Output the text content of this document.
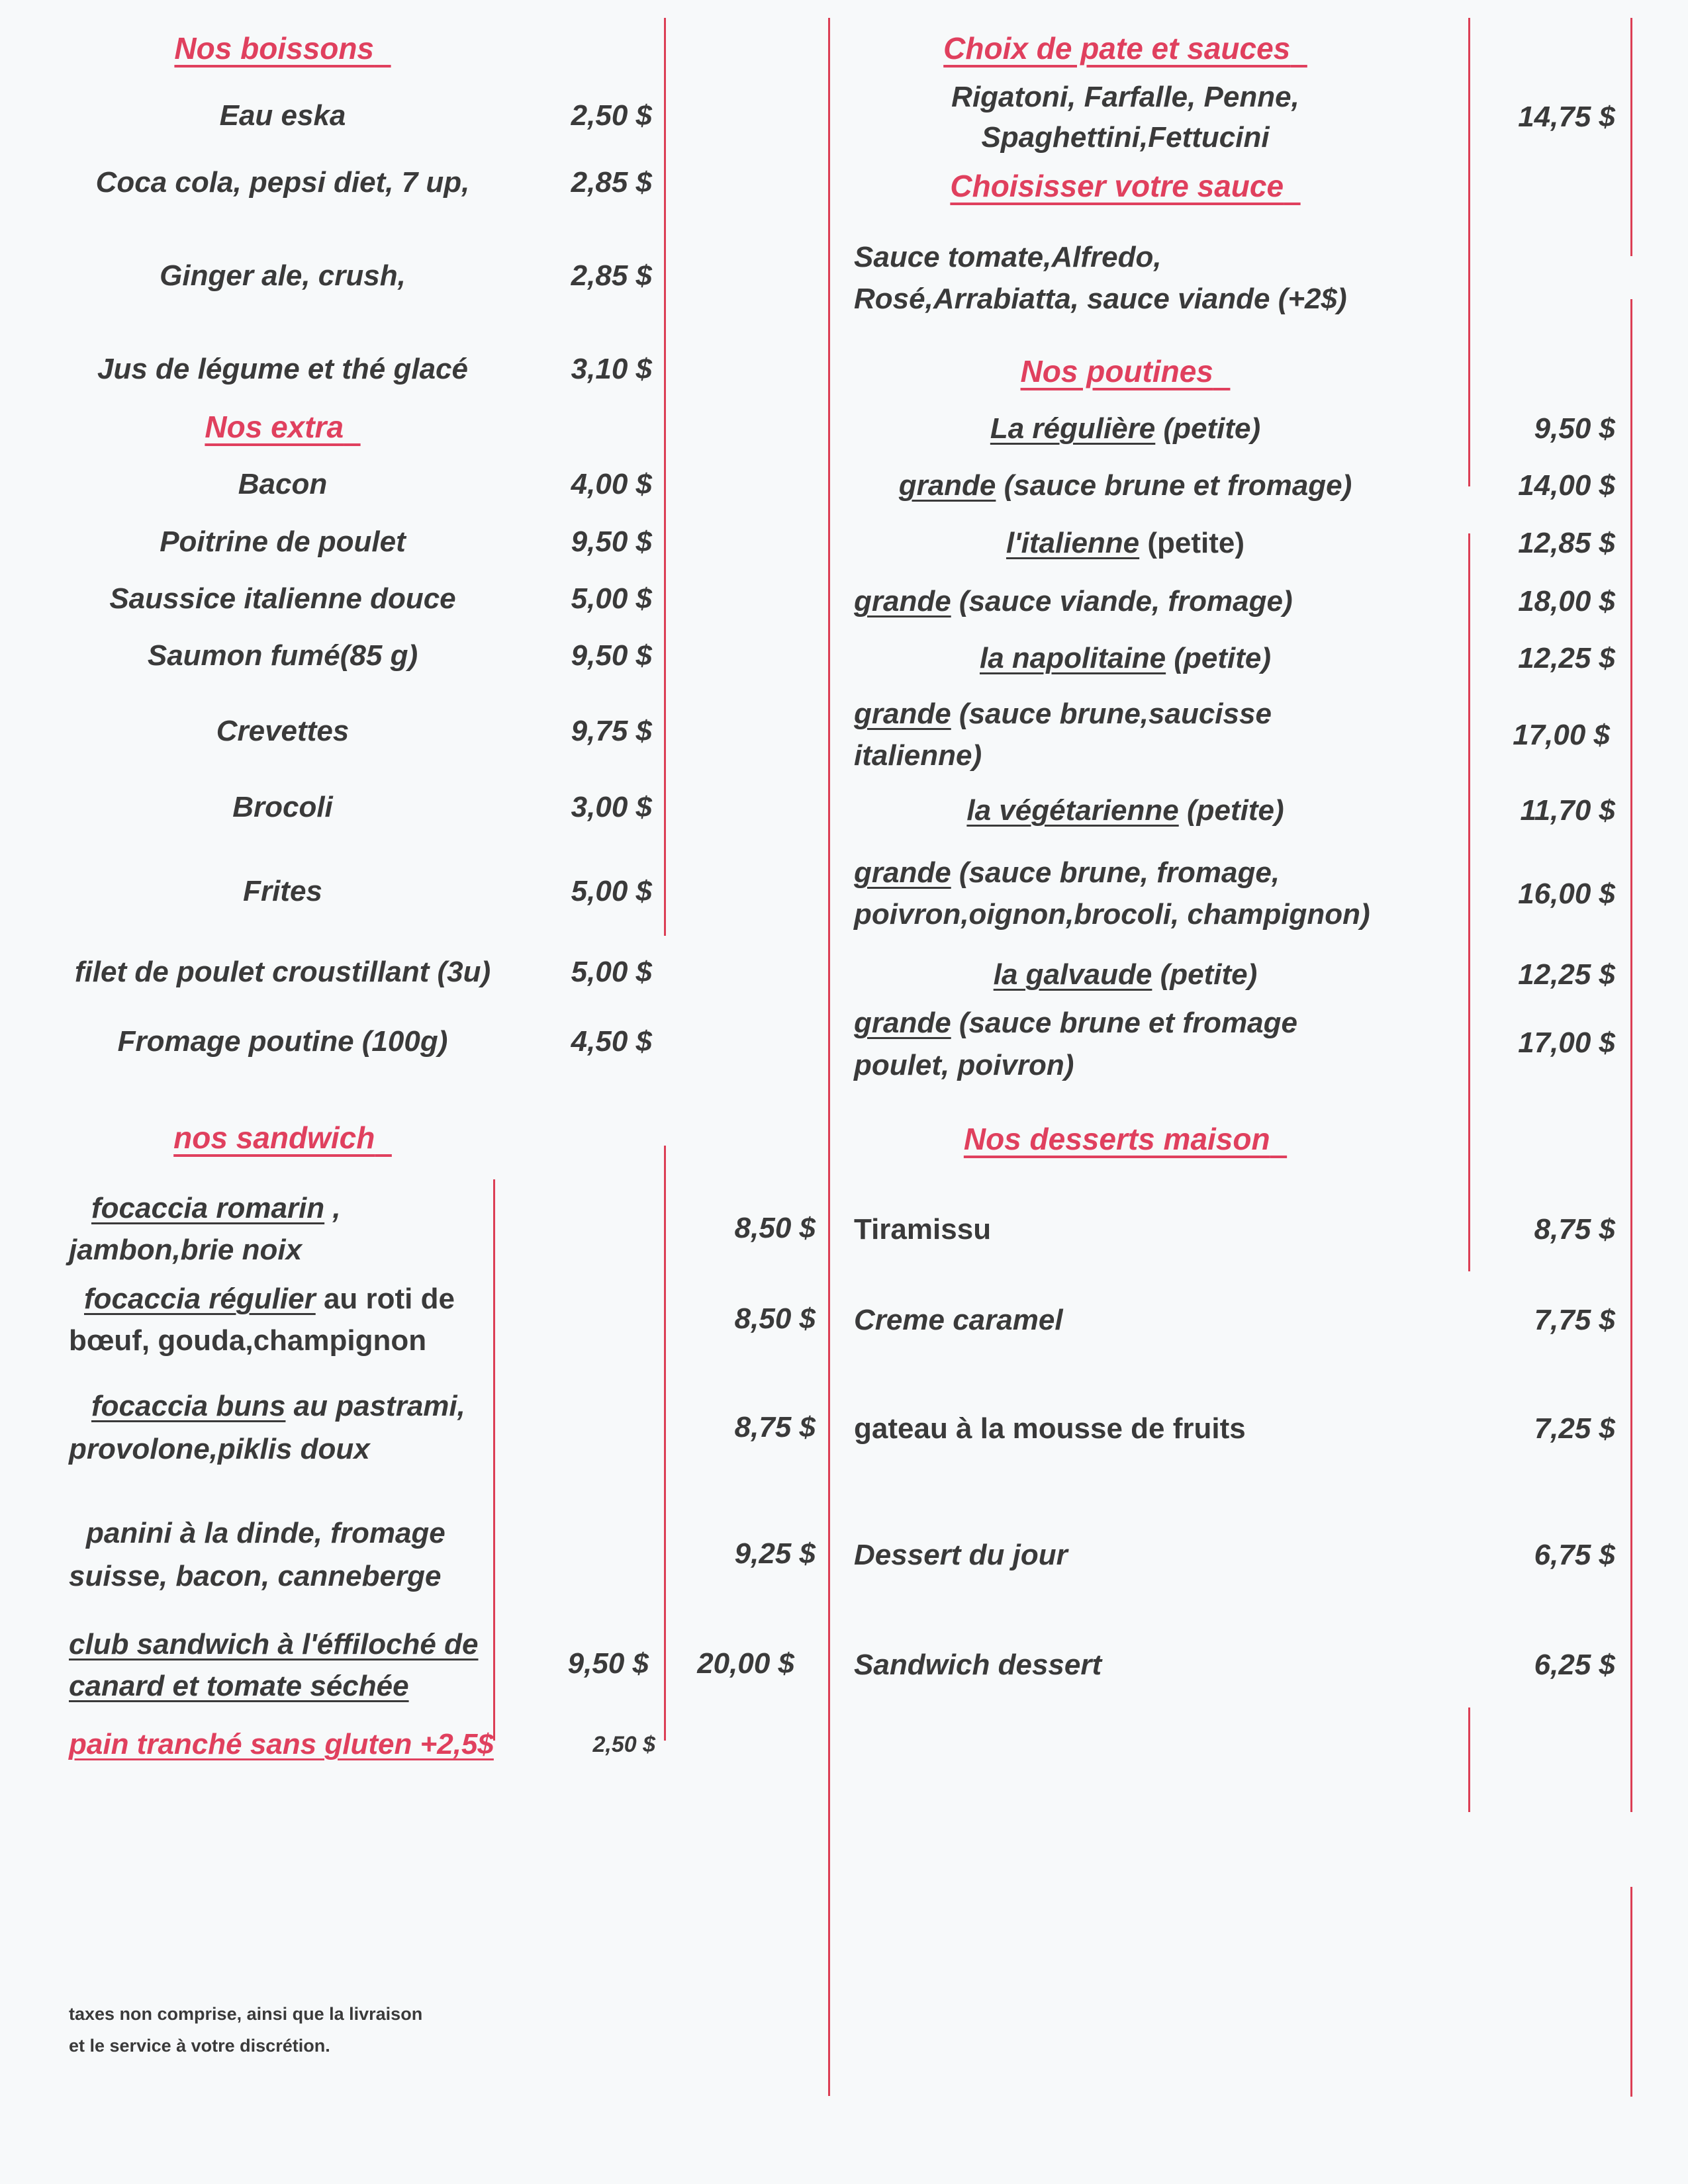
Nos boissons
Eau eska	2,50 $
Coca cola, pepsi diet, 7 up,	2,85 $
Ginger ale, crush,	2,85 $
Jus de légume et thé glacé	3,10 $
Nos extra
Bacon	4,00 $
Poitrine de poulet	9,50 $
Saussice italienne douce	5,00 $
Saumon fumé(85 g)	9,50 $
Crevettes	9,75 $
Brocoli	3,00 $
Frites	5,00 $
filet de poulet croustillant (3u)	5,00 $
Fromage poutine (100g)	4,50 $
nos sandwich
focaccia romarin ,
jambon,brie noix
8,50 $
focaccia régulier au roti de
bœuf, gouda,champignon
8,50 $
focaccia buns au pastrami,
provolone,piklis doux
8,75 $
panini à la dinde, fromage
suisse, bacon, canneberge
9,25 $
club sandwich à l'éffiloché de
canard et tomate séchée
9,50 $ 20,00 $
pain tranché sans gluten +2,5$	2,50 $
taxes non comprise, ainsi que la livraison
et le service à votre discrétion.
Choix de pate et sauces
Rigatoni, Farfalle, Penne,
Spaghettini,Fettucini
14,75 $
Choisisser votre sauce
Sauce tomate,Alfredo,
Rosé,Arrabiatta, sauce viande (+2$)
Nos poutines
La régulière (petite)	9,50 $
grande (sauce brune et fromage)	14,00 $
l'italienne (petite)	12,85 $
grande (sauce viande, fromage)	18,00 $
la napolitaine (petite)	12,25 $
grande (sauce brune,saucisse
italienne)
17,00 $
la végétarienne (petite)	11,70 $
grande (sauce brune, fromage,
poivron,oignon,brocoli, champignon)
16,00 $
la galvaude (petite)	12,25 $
grande (sauce brune et fromage
poulet, poivron)
17,00 $
Nos desserts maison
Tiramissu	8,75 $
Creme caramel	7,75 $
gateau à la mousse de fruits	7,25 $
Dessert du jour	6,75 $
Sandwich dessert	6,25 $
